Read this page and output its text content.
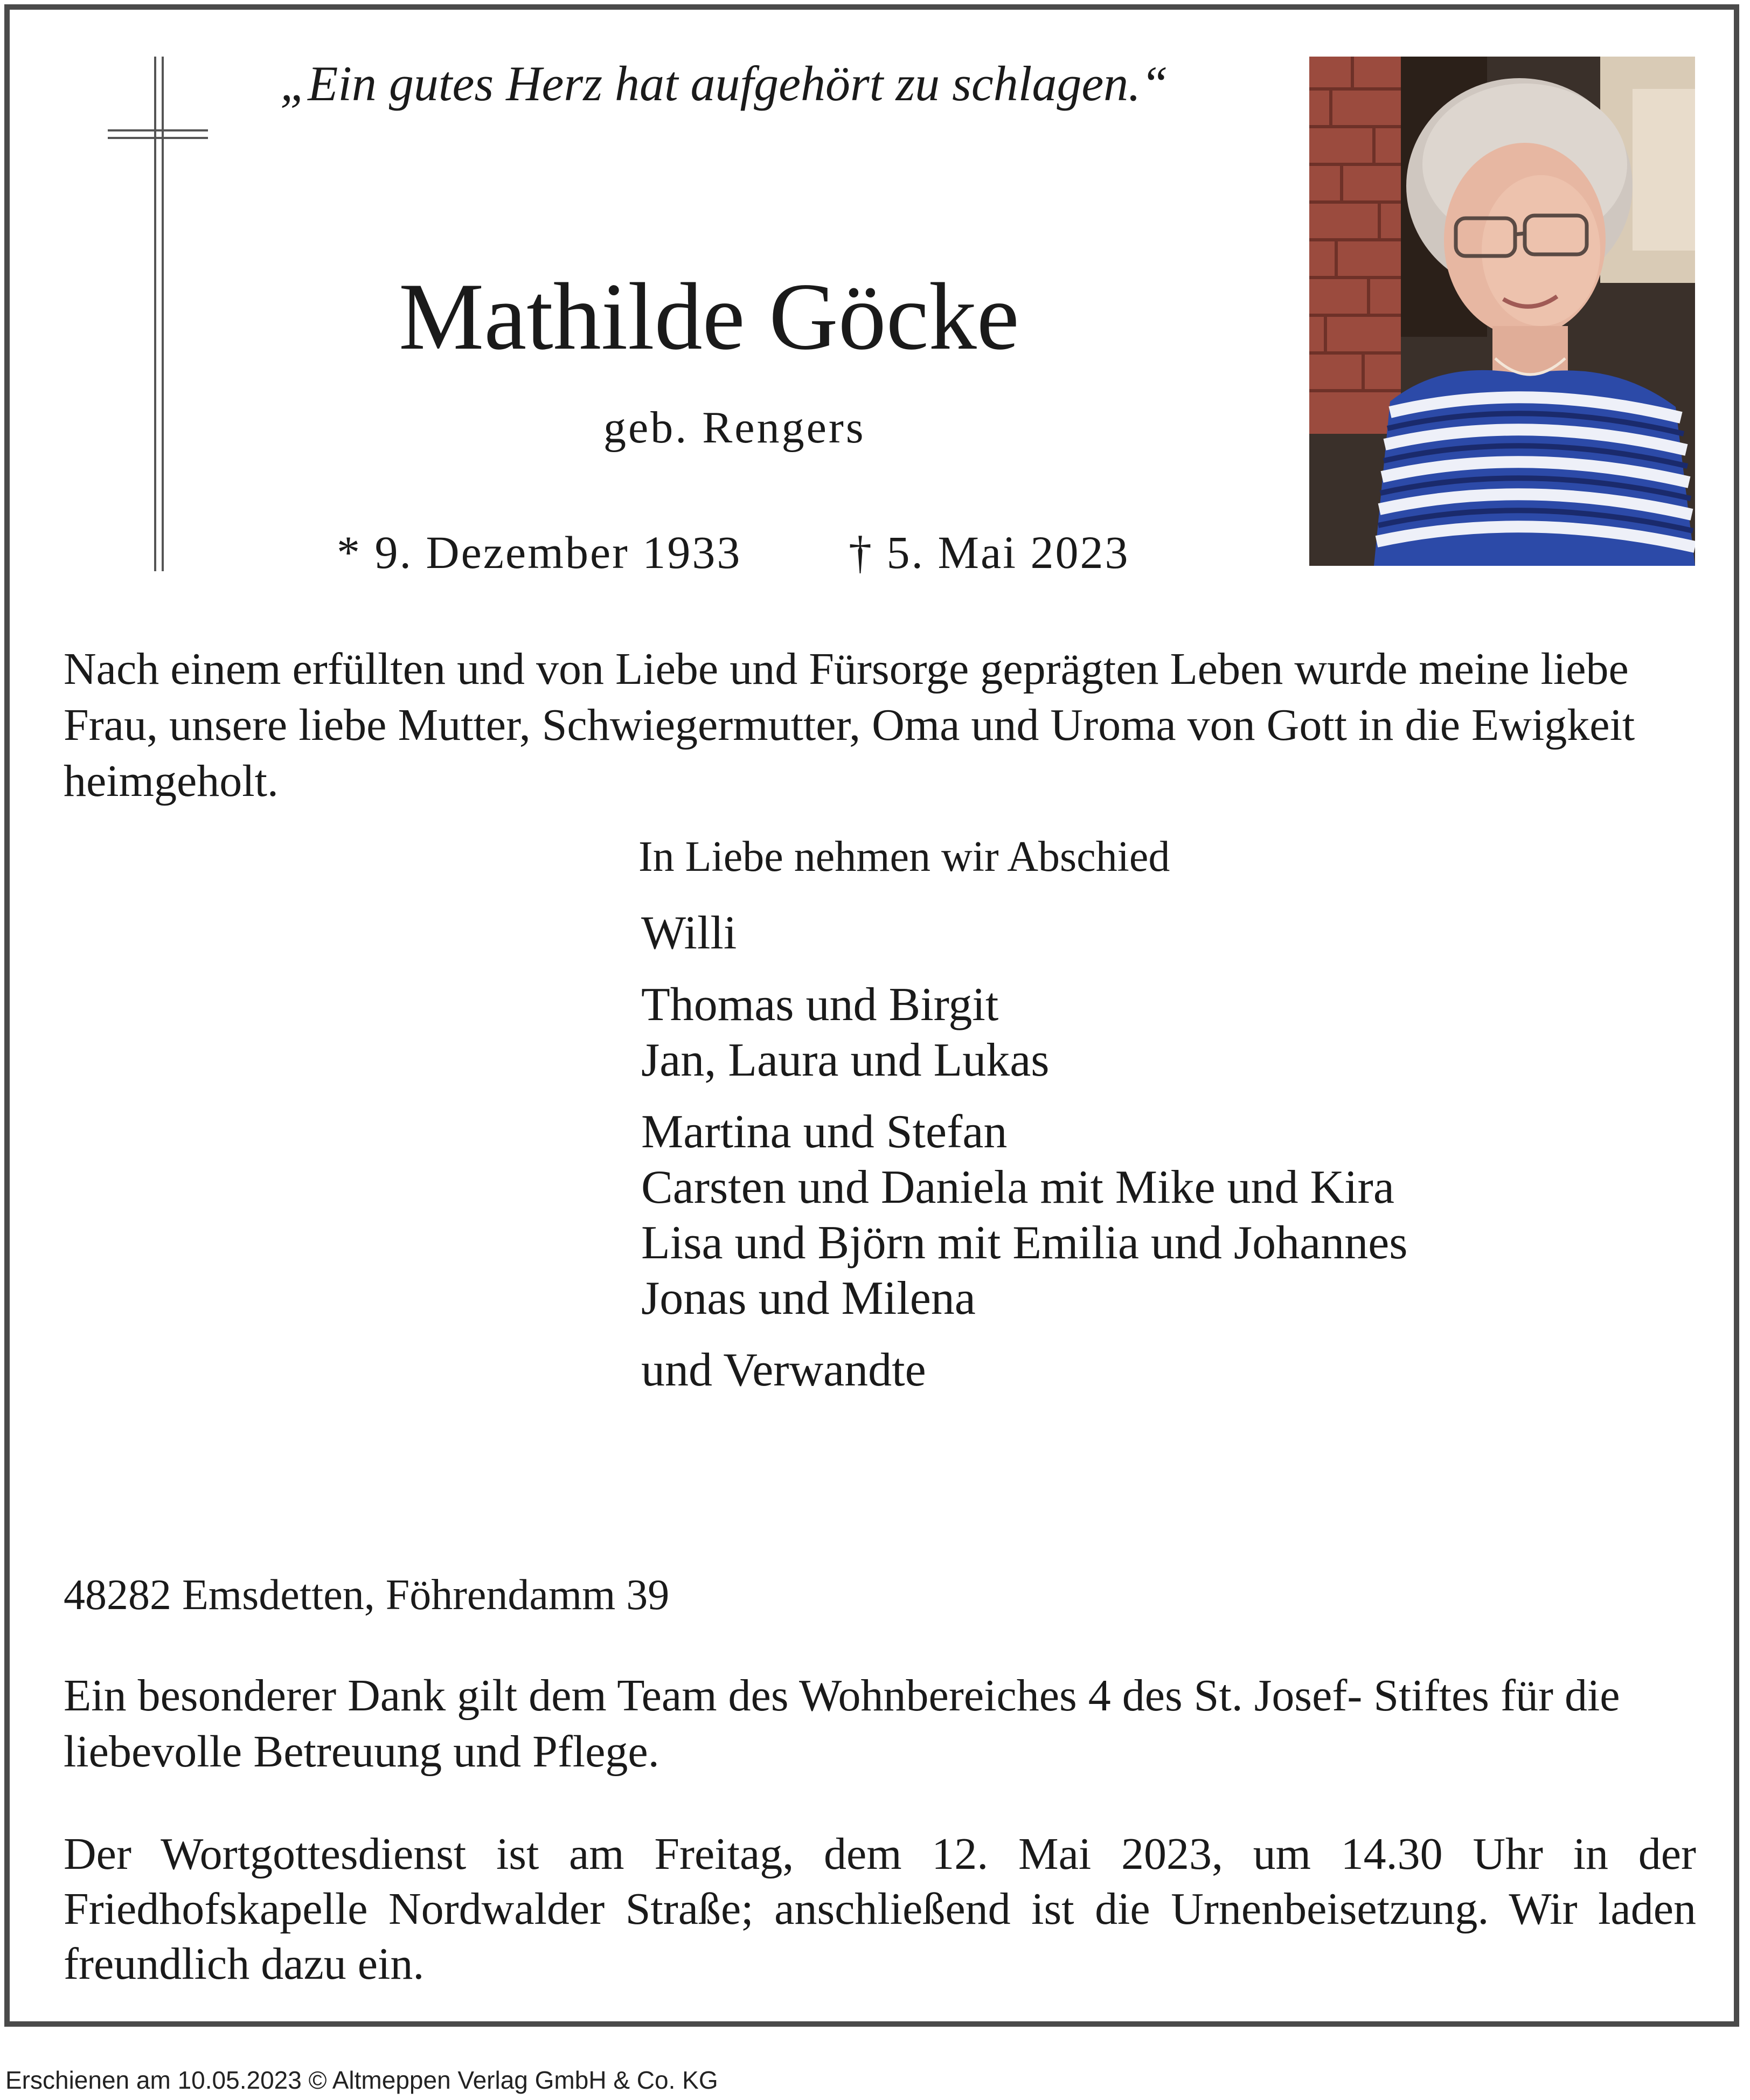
„Ein gutes Herz hat aufgehört zu schlagen.“
Mathilde Göcke
geb. Rengers
* 9. Dezember 1933 † 5. Mai 2023
Nach einem erfüllten und von Liebe und Fürsorge geprägten Leben wurde meine liebe Frau, unsere liebe Mutter, Schwiegermutter, Oma und Uroma von Gott in die Ewigkeit heimgeholt.
In Liebe nehmen wir Abschied
Willi
Thomas und Birgit
Jan, Laura und Lukas
Martina und Stefan
Carsten und Daniela mit Mike und Kira
Lisa und Björn mit Emilia und Johannes
Jonas und Milena
und Verwandte
48282 Emsdetten, Föhrendamm 39
Ein besonderer Dank gilt dem Team des Wohnbereiches 4 des St. Josef- Stiftes für die liebevolle Betreuung und Pflege.
Der Wortgottesdienst ist am Freitag, dem 12. Mai 2023, um 14.30 Uhr in der Friedhofskapelle Nordwalder Straße; anschließend ist die Urnenbeisetzung. Wir laden freundlich dazu ein.
Erschienen am 10.05.2023 © Altmeppen Verlag GmbH & Co. KG
